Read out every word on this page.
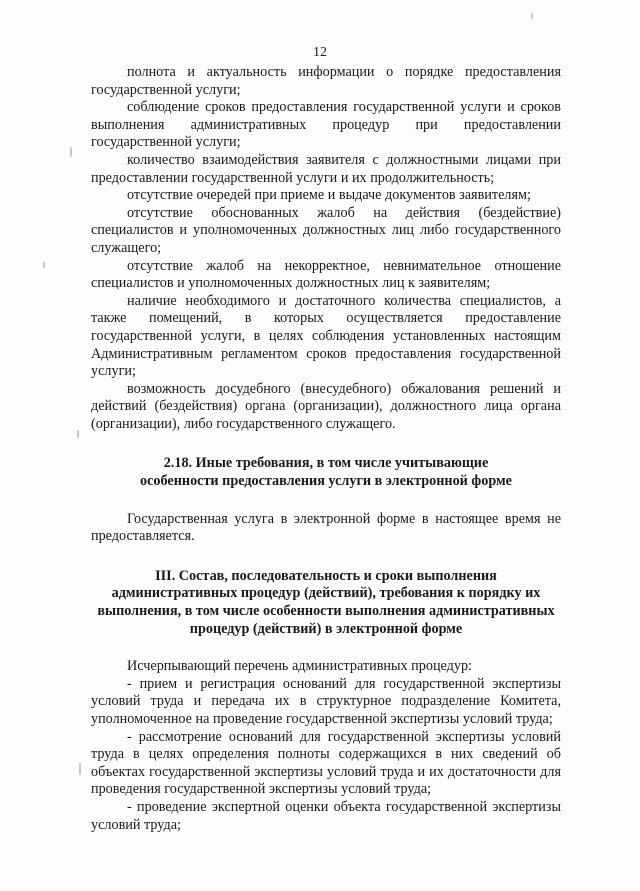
12

полнота и актуальность информации о порядке предоставления государственной услуги;

соблюдение сроков предоставления государственной услуги и сроков выполнения административных процедур при предоставлении государственной услуги;

количество взаимодействия заявителя с должностными лицами при предоставлении государственной услуги и их продолжительность;

отсутствие очередей при приеме и выдаче документов заявителям;

отсутствие обоснованных жалоб на действия (бездействие) специалистов и уполномоченных должностных лиц либо государственного служащего;

отсутствие жалоб на некорректное, невнимательное отношение специалистов и уполномоченных должностных лиц к заявителям;

наличие необходимого и достаточного количества специалистов, а также помещений, в которых осуществляется предоставление государственной услуги, в целях соблюдения установленных настоящим Административным регламентом сроков предоставления государственной услуги;

возможность досудебного (внесудебного) обжалования решений и действий (бездействия) органа (организации), должностного лица органа (организации), либо государственного служащего.

2.18. Иные требования, в том числе учитывающие

особенности предоставления услуги в электронной форме

Государственная услуга в электронной форме в настоящее время не предоставляется.

III. Состав, последовательность и сроки выполнения

административных процедур (действий), требования к порядку их

выполнения, в том числе особенности выполнения административных

процедур (действий) в электронной форме

Исчерпывающий перечень административных процедур:

- прием и регистрация оснований для государственной экспертизы условий труда и передача их в структурное подразделение Комитета, уполномоченное на проведение государственной экспертизы условий труда;

- рассмотрение оснований для государственной экспертизы условий труда в целях определения полноты содержащихся в них сведений об объектах государственной экспертизы условий труда и их достаточности для проведения государственной экспертизы условий труда;

- проведение экспертной оценки объекта государственной экспертизы условий труда;
